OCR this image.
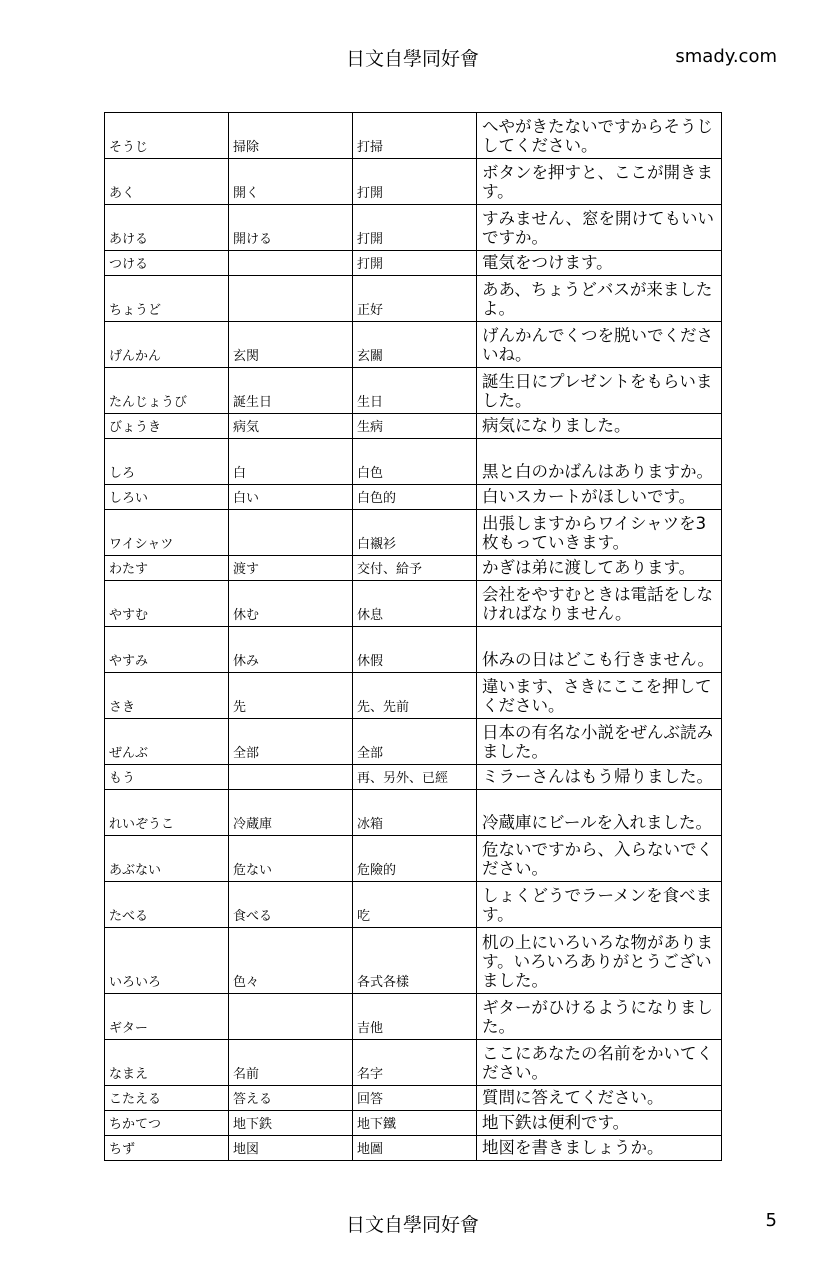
日文自學同好會	smady.com
そうじ	掃除	打掃	へやがきたないですからそうじしてください。
あく	開く	打開	ボタンを押すと、ここが開きます。
あける	開ける	打開	すみません、窓を開けてもいいですか。
つける		打開	電気をつけます。
ちょうど		正好	ああ、ちょうどバスが来ましたよ。
げんかん	玄関	玄關	げんかんでくつを脱いでくださいね。
たんじょうび	誕生日	生日	誕生日にプレゼントをもらいました。
びょうき	病気	生病	病気になりました。
しろ	白	白色	黒と白のかばんはありますか。
しろい	白い	白色的	白いスカートがほしいです。
ワイシャツ		白襯衫	出張しますからワイシャツを3枚もっていきます。
わたす	渡す	交付、給予	かぎは弟に渡してあります。
やすむ	休む	休息	会社をやすむときは電話をしなければなりません。
やすみ	休み	休假	休みの日はどこも行きません。
さき	先	先、先前	違います、さきにここを押してください。
ぜんぶ	全部	全部	日本の有名な小説をぜんぶ読みました。
もう		再、另外、已經	ミラーさんはもう帰りました。
れいぞうこ	冷蔵庫	冰箱	冷蔵庫にビールを入れました。
あぶない	危ない	危險的	危ないですから、入らないでください。
たべる	食べる	吃	しょくどうでラーメンを食べます。
いろいろ	色々	各式各樣	机の上にいろいろな物があります。いろいろありがとうございました。
ギター		吉他	ギターがひけるようになりました。
なまえ	名前	名字	ここにあなたの名前をかいてください。
こたえる	答える	回答	質問に答えてください。
ちかてつ	地下鉄	地下鐵	地下鉄は便利です。
ちず	地図	地圖	地図を書きましょうか。
日文自學同好會	5
